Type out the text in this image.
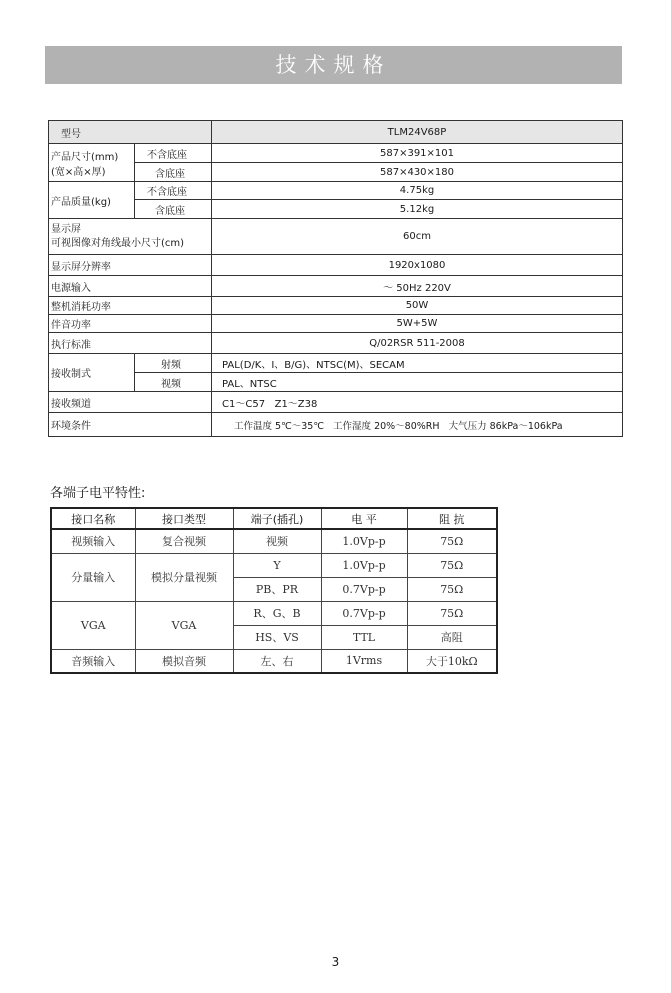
技术规格
型号		TLM24V68P
产品尺寸(mm)
(宽×高×厚)	不含底座	587×391×101
	含底座	587×430×180
产品质量(kg)	不含底座	4.75kg
	含底座	5.12kg
显示屏
可视图像对角线最小尺寸(cm)		60cm
显示屏分辨率		1920x1080
电源输入		～ 50Hz 220V
整机消耗功率		50W
伴音功率		5W+5W
执行标准		Q/02RSR 511-2008
接收制式	射频	PAL(D/K、I、B/G)、NTSC(M)、SECAM
	视频	PAL、NTSC
接收频道		C1～C57   Z1～Z38
环境条件		工作温度 5℃～35℃   工作湿度 20%～80%RH   大气压力 86kPa～106kPa
各端子电平特性:
接口名称	接口类型	端子(插孔)	电 平	阻 抗
视频输入	复合视频	视频	1.0Vp-p	75Ω
分量输入	模拟分量视频	Y	1.0Vp-p	75Ω
		PB、PR	0.7Vp-p	75Ω
VGA	VGA	R、G、B	0.7Vp-p	75Ω
		HS、VS	TTL	高阻
音频输入	模拟音频	左、右	1Vrms	大于10kΩ
3
